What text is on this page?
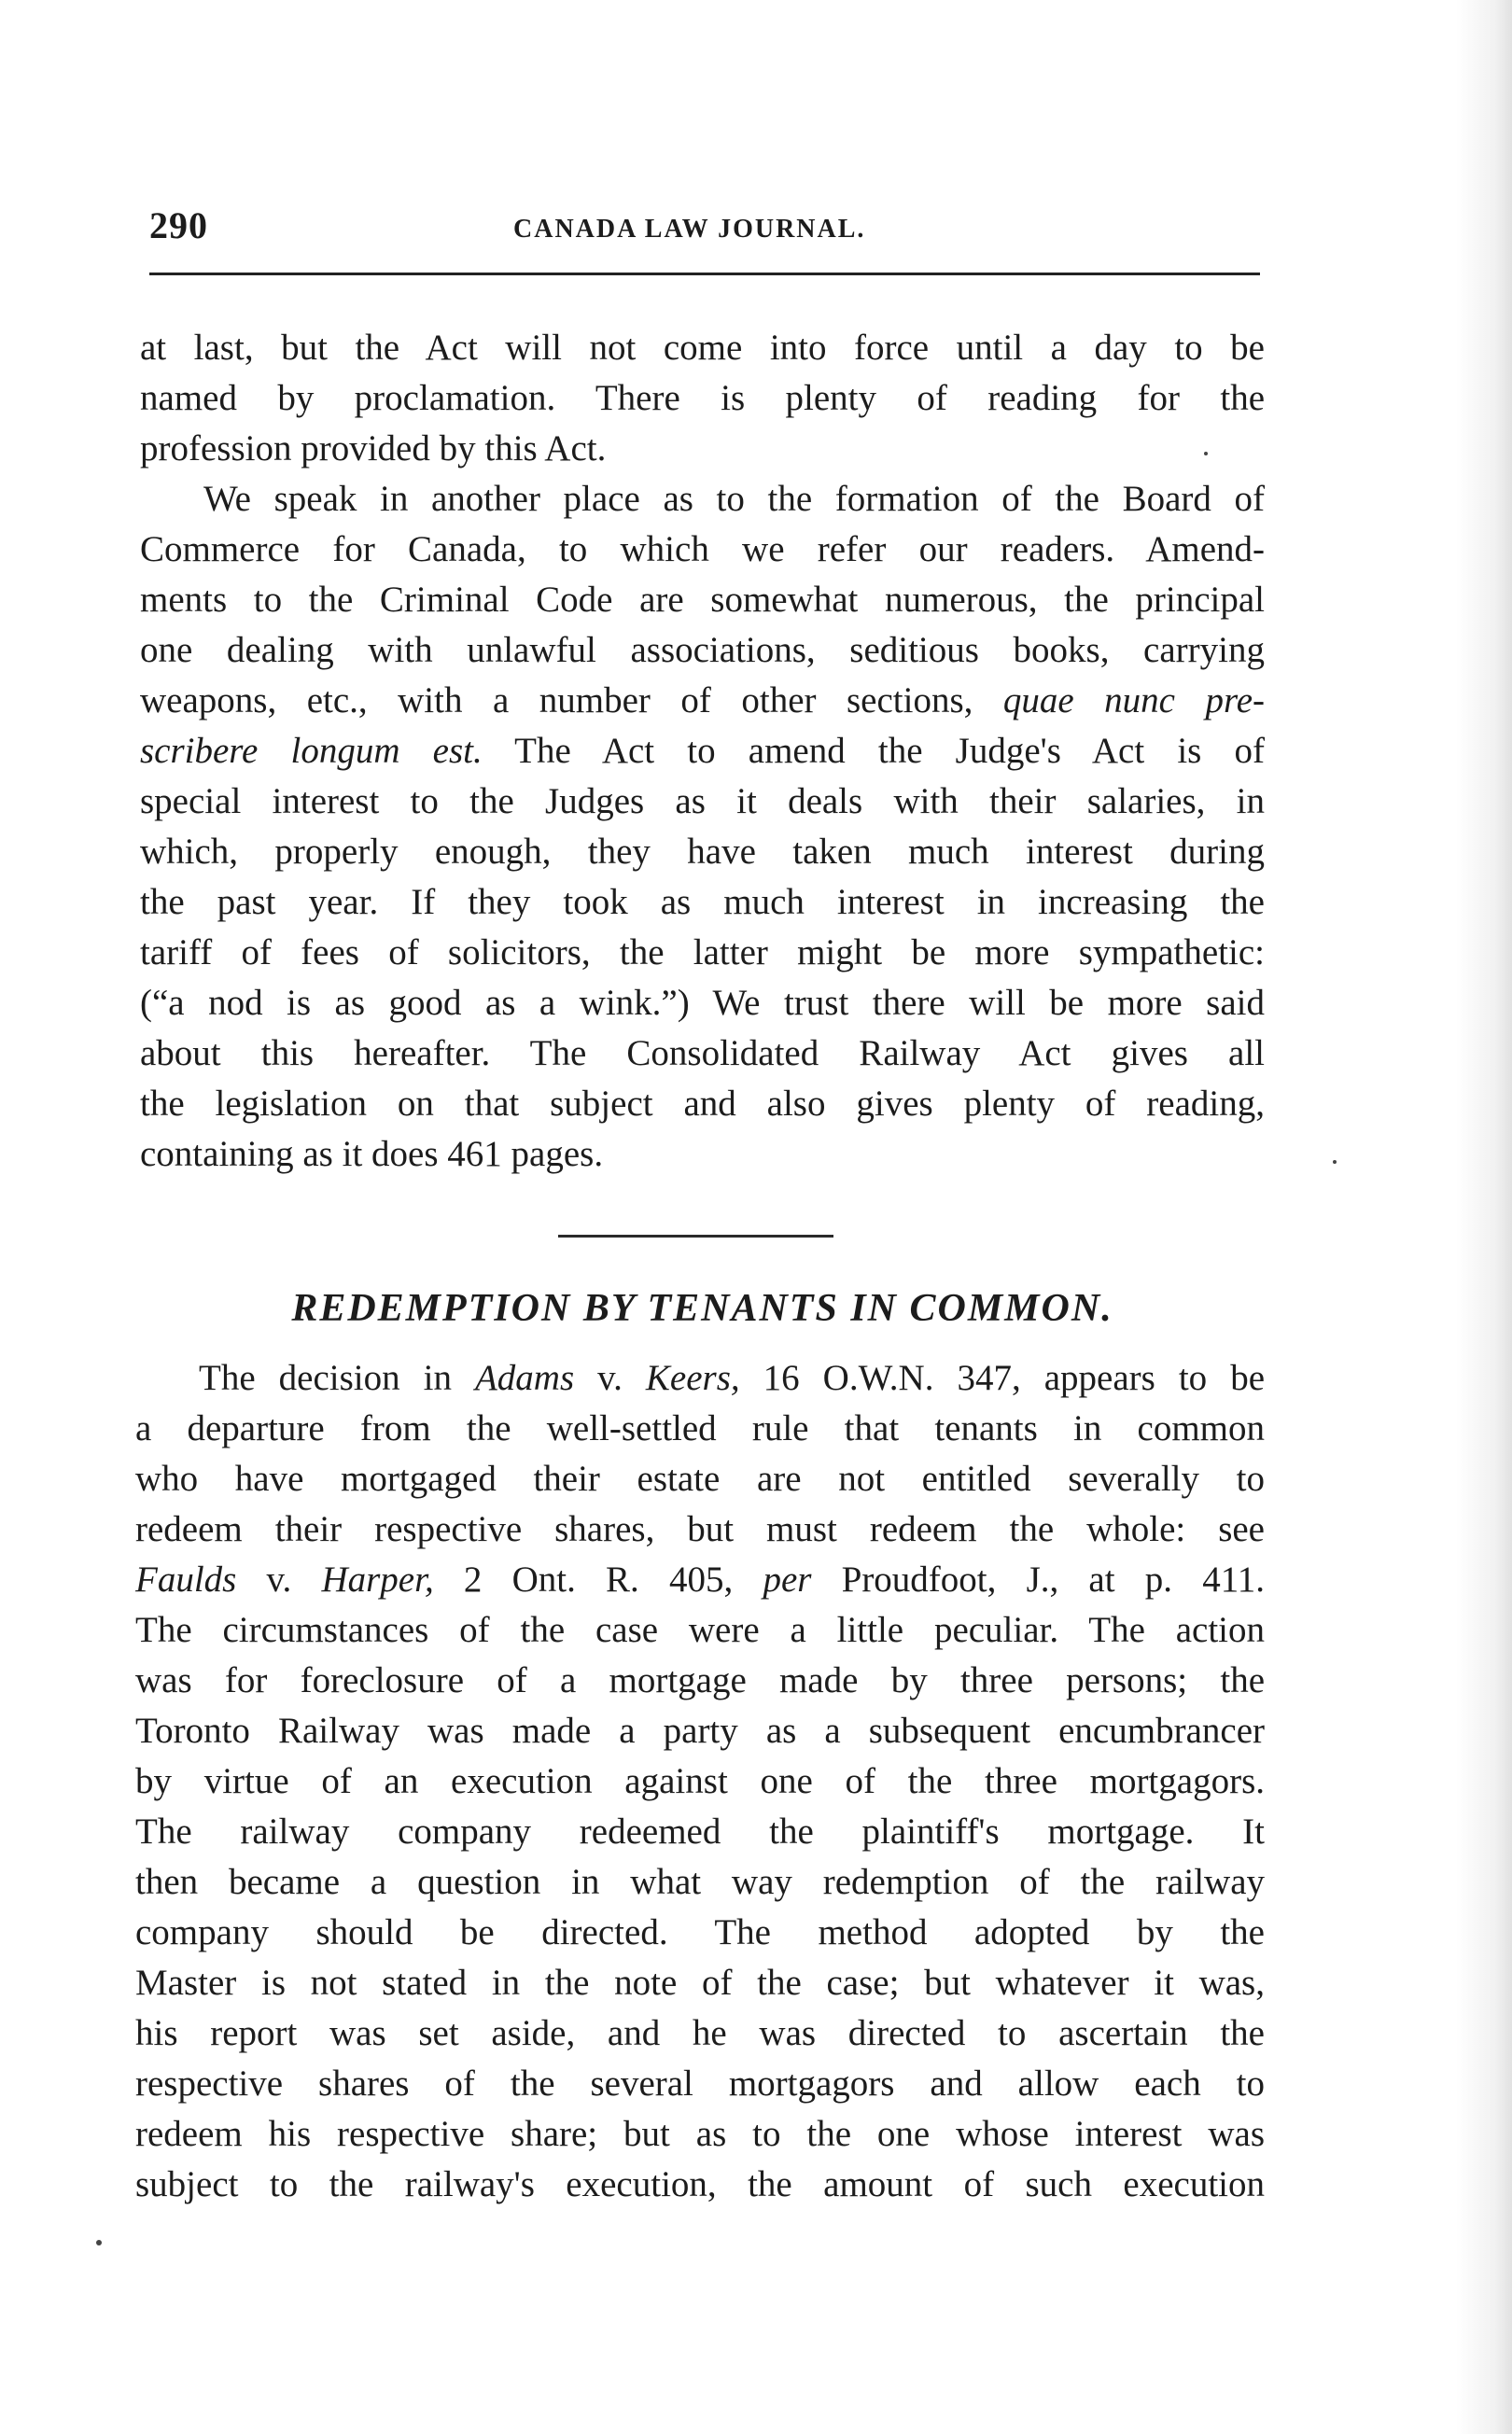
290	CANADA LAW JOURNAL.

at last, but the Act will not come into force until a day to be
named by proclamation. There is plenty of reading for the
profession provided by this Act.

We speak in another place as to the formation of the Board of
Commerce for Canada, to which we refer our readers. Amend-
ments to the Criminal Code are somewhat numerous, the principal
one dealing with unlawful associations, seditious books, carrying
weapons, etc., with a number of other sections, quae nunc pre-
scribere longum est. The Act to amend the Judge's Act is of
special interest to the Judges as it deals with their salaries, in
which, properly enough, they have taken much interest during
the past year. If they took as much interest in increasing the
tariff of fees of solicitors, the latter might be more sympathetic:
(“a nod is as good as a wink.”) We trust there will be more said
about this hereafter. The Consolidated Railway Act gives all
the legislation on that subject and also gives plenty of reading,
containing as it does 461 pages.

REDEMPTION BY TENANTS IN COMMON.

The decision in Adams v. Keers, 16 O.W.N. 347, appears to be
a departure from the well-settled rule that tenants in common
who have mortgaged their estate are not entitled severally to
redeem their respective shares, but must redeem the whole: see
Faulds v. Harper, 2 Ont. R. 405, per Proudfoot, J., at p. 411.
The circumstances of the case were a little peculiar. The action
was for foreclosure of a mortgage made by three persons; the
Toronto Railway was made a party as a subsequent encumbrancer
by virtue of an execution against one of the three mortgagors.
The railway company redeemed the plaintiff's mortgage. It
then became a question in what way redemption of the railway
company should be directed. The method adopted by the
Master is not stated in the note of the case; but whatever it was,
his report was set aside, and he was directed to ascertain the
respective shares of the several mortgagors and allow each to
redeem his respective share; but as to the one whose interest was
subject to the railway's execution, the amount of such execution
